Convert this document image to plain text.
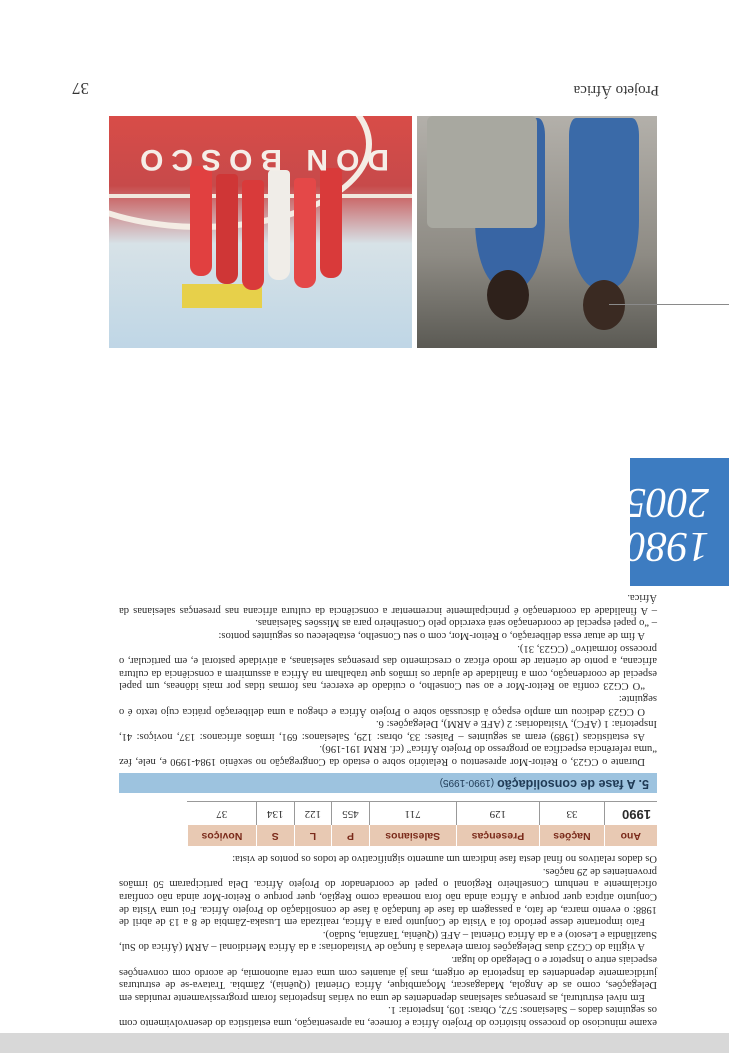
exame minucioso do processo histórico do Projeto África e fornece, na apresentação, uma estatística do desenvolvimento com os seguintes dados – Salesianos: 572, Obras: 109, Inspetoria: 1.

Em nível estrutural, as presenças salesianas dependentes de uma ou várias Inspetorias foram progressivamente reunidas em Delegações, como as de Angola, Madagascar, Moçambique, África Oriental (Quênia), Zâmbia. Tratava-se de estruturas juridicamente dependentes da Inspetoria de origem, mas já atuantes com uma certa autonomia, de acordo com convenções especiais entre o Inspetor e o Delegado do lugar.

A vigília do CG23 duas Delegações foram elevadas à função de Visitadorias: a da África Meridional – ARM (África do Sul, Suazilândia e Lesoto) e a da África Oriental – AFE (Quênia, Tanzânia, Sudão).

Fato importante desse período foi a Visita de Conjunto para a África, realizada em Lusaka-Zâmbia de 8 a 13 de abril de 1988: o evento marca, de fato, a passagem da fase de fundação à fase de consolidação do Projeto África. Foi uma Visita de Conjunto atípica quer porque a África ainda não fora nomeada como Região, quer porque o Reitor-Mor ainda não confiara oficialmente a nenhum Conselheiro Regional o papel de coordenador do Projeto África. Dela participaram 50 irmãos provenientes de 29 nações.

Os dados relativos no final desta fase indicam um aumento significativo de todos os pontos de vista:

Ano	Nações	Presenças	Salesianos	P	L	S	Noviços
1990	33	129	711	455	122	134	37
5. A fase de consolidação (1990-1995)

Durante o CG23, o Reitor-Mor apresentou o Relatório sobre o estado da Congregação no sexênio 1984-1990 e, nele, fez “uma referência específica ao progresso do Projeto África” (cf. RRM 191-196).

As estatísticas (1989) eram as seguintes – Países: 33, obras: 129, Salesianos: 691, irmãos africanos: 137, noviços: 41, Inspetoria: 1 (AFC), Visitadorias: 2 (AFE e ARM), Delegações: 6.

O CG23 dedicou um amplo espaço à discussão sobre o Projeto África e chegou a uma deliberação prática cujo texto é o seguinte:

“O CG23 confia ao Reitor-Mor e ao seu Conselho, o cuidado de exercer, nas formas tidas por mais idôneas, um papel especial de coordenação, com a finalidade de ajudar os irmãos que trabalham na África a assumirem a consciência da cultura africana, a ponto de orientar de modo eficaz o crescimento das presenças salesianas, a atividade pastoral e, em particular, o processo formativo” (CG23, 31).

A fim de atuar essa deliberação, o Reitor-Mor, com o seu Conselho, estabeleceu os seguintes pontos:

– “o papel especial de coordenação será exercido pelo Conselheiro para as Missões Salesianas.

– A finalidade da coordenação é principalmente incrementar a consciência da cultura africana nas presenças salesianas da África.

DON BOSCO
1980
2005
Projeto África
37
